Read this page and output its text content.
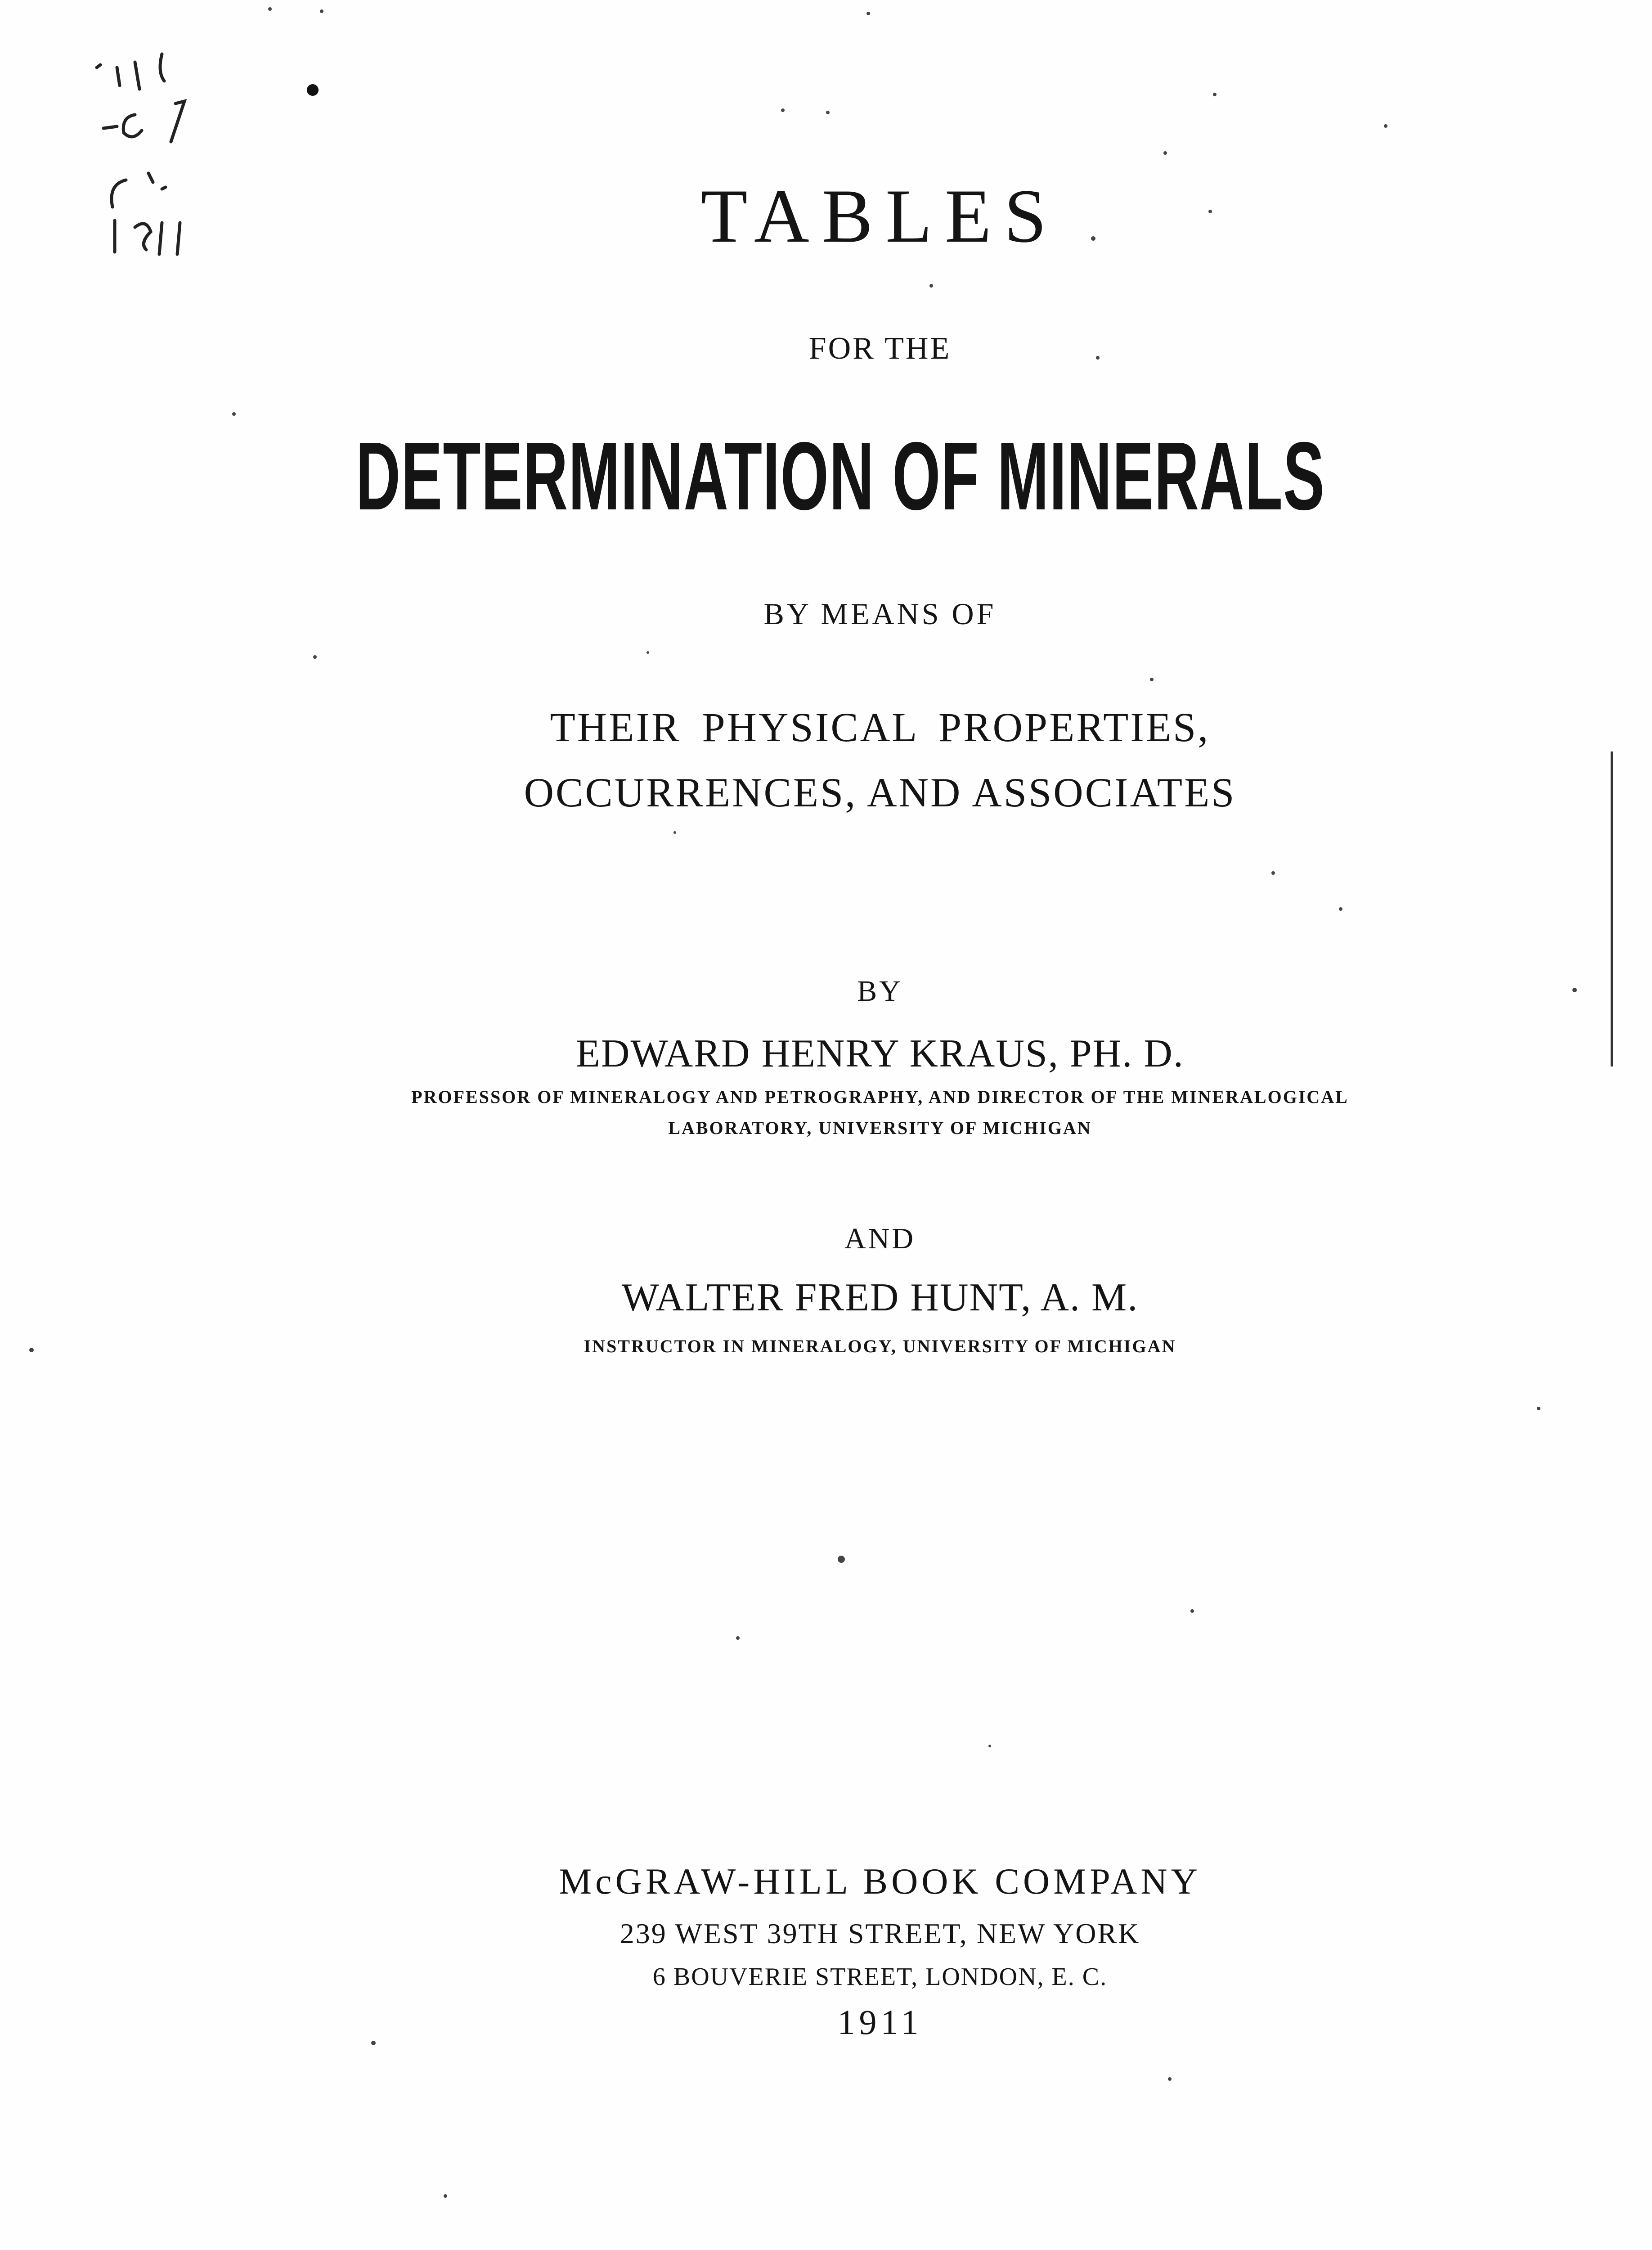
TABLES
FOR THE
DETERMINATION OF MINERALS
BY MEANS OF
THEIR PHYSICAL PROPERTIES,
OCCURRENCES, AND ASSOCIATES
BY
EDWARD HENRY KRAUS, PH. D.
PROFESSOR OF MINERALOGY AND PETROGRAPHY, AND DIRECTOR OF THE MINERALOGICAL
LABORATORY, UNIVERSITY OF MICHIGAN
AND
WALTER FRED HUNT, A. M.
INSTRUCTOR IN MINERALOGY, UNIVERSITY OF MICHIGAN
McGRAW-HILL BOOK COMPANY
239 WEST 39TH STREET, NEW YORK
6 BOUVERIE STREET, LONDON, E. C.
1911
